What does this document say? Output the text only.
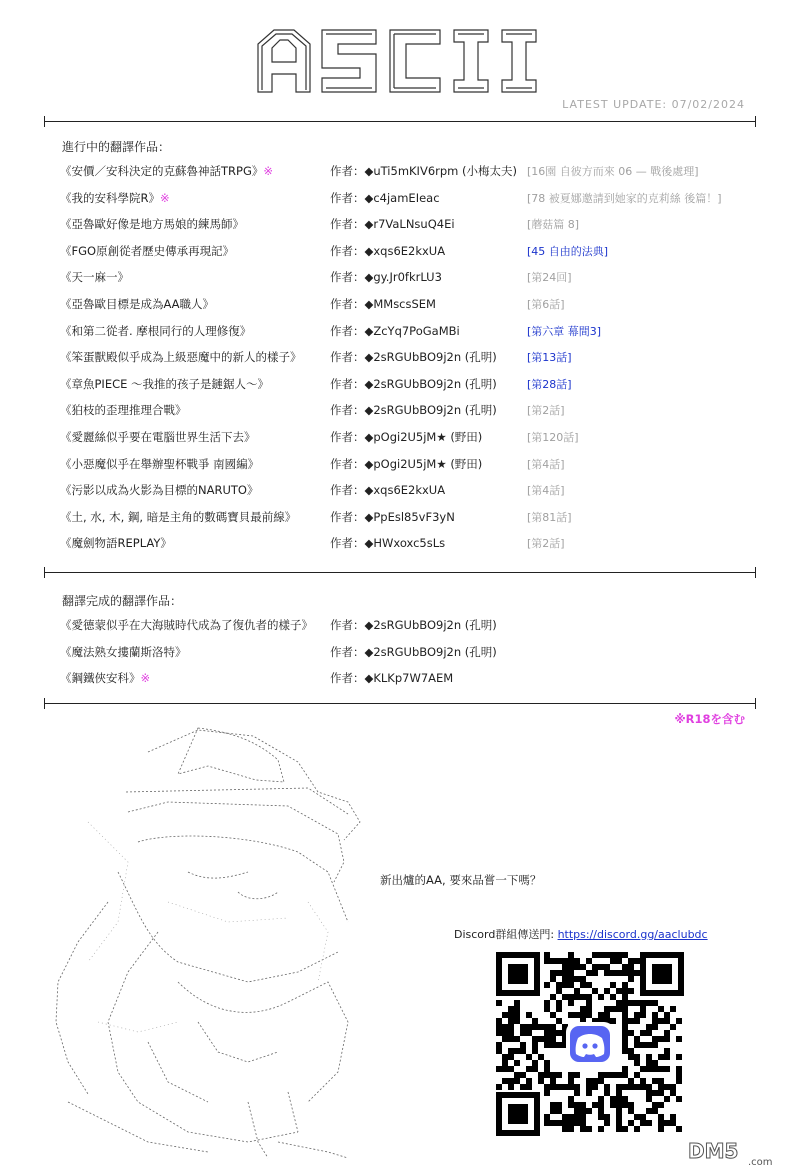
LATEST UPDATE: 07/02/2024
進行中的翻譯作品：
《安價／安科決定的克蘇魯神話TRPG》※	作者：◆uTi5mKIV6rpm (小梅太夫) [16園 自彼方而來 06 — 戰後處理]
《我的安科學院R》※	作者：◆c4jamEIeac	[78 被夏娜邀請到她家的克莉絲 後篇！]
《亞魯歐好像是地方馬娘的練馬師》	作者：◆r7VaLNsuQ4Ei	[蘑菇篇 8]
《FGO原創從者歷史傳承再現記》	作者：◆xqs6E2kxUA	[45 自由的法典]
《天一麻一》	作者：◆gy.Jr0fkrLU3	[第24回]
《亞魯歐目標是成為AA職人》	作者：◆MMscsSEM	[第6話]
《和第二從者. 摩根同行的人理修復》	作者：◆ZcYq7PoGaMBi	[第六章 幕間3]
《笨蛋獸殿似乎成為上級惡魔中的新人的樣子》 作者：◆2sRGUbBO9j2n (孔明)	[第13話]
《章魚PIECE ～我推的孩子是鏈鋸人～》	作者：◆2sRGUbBO9j2n (孔明)	[第28話]
《狛枝的歪理推理合戰》	作者：◆2sRGUbBO9j2n (孔明)	[第2話]
《愛麗絲似乎要在電腦世界生活下去》	作者：◆pOgi2U5jM★ (野田)	[第120話]
《小惡魔似乎在舉辦聖杯戰爭 南國編》	作者：◆pOgi2U5jM★ (野田)	[第4話]
《污影以成為火影為目標的NARUTO》	作者：◆xqs6E2kxUA	[第4話]
《土, 水, 木, 鋼, 暗是主角的數碼寶貝最前線》	作者：◆PpEsl85vF3yN	[第81話]
《魔劍物語REPLAY》	作者：◆HWxoxc5sLs	[第2話]
翻譯完成的翻譯作品：
《愛德蒙似乎在大海賊時代成為了復仇者的樣子》 作者：◆2sRGUbBO9j2n (孔明)
《魔法熟女摟蘭斯洛特》	作者：◆2sRGUbBO9j2n (孔明)
《鋼鐵俠安科》※	作者：◆KLKp7W7AEM
※R18を含む
新出爐的AA, 要來品嘗一下嗎？
Discord群組傳送門: https://discord.gg/aaclubdc
DM5 .com
